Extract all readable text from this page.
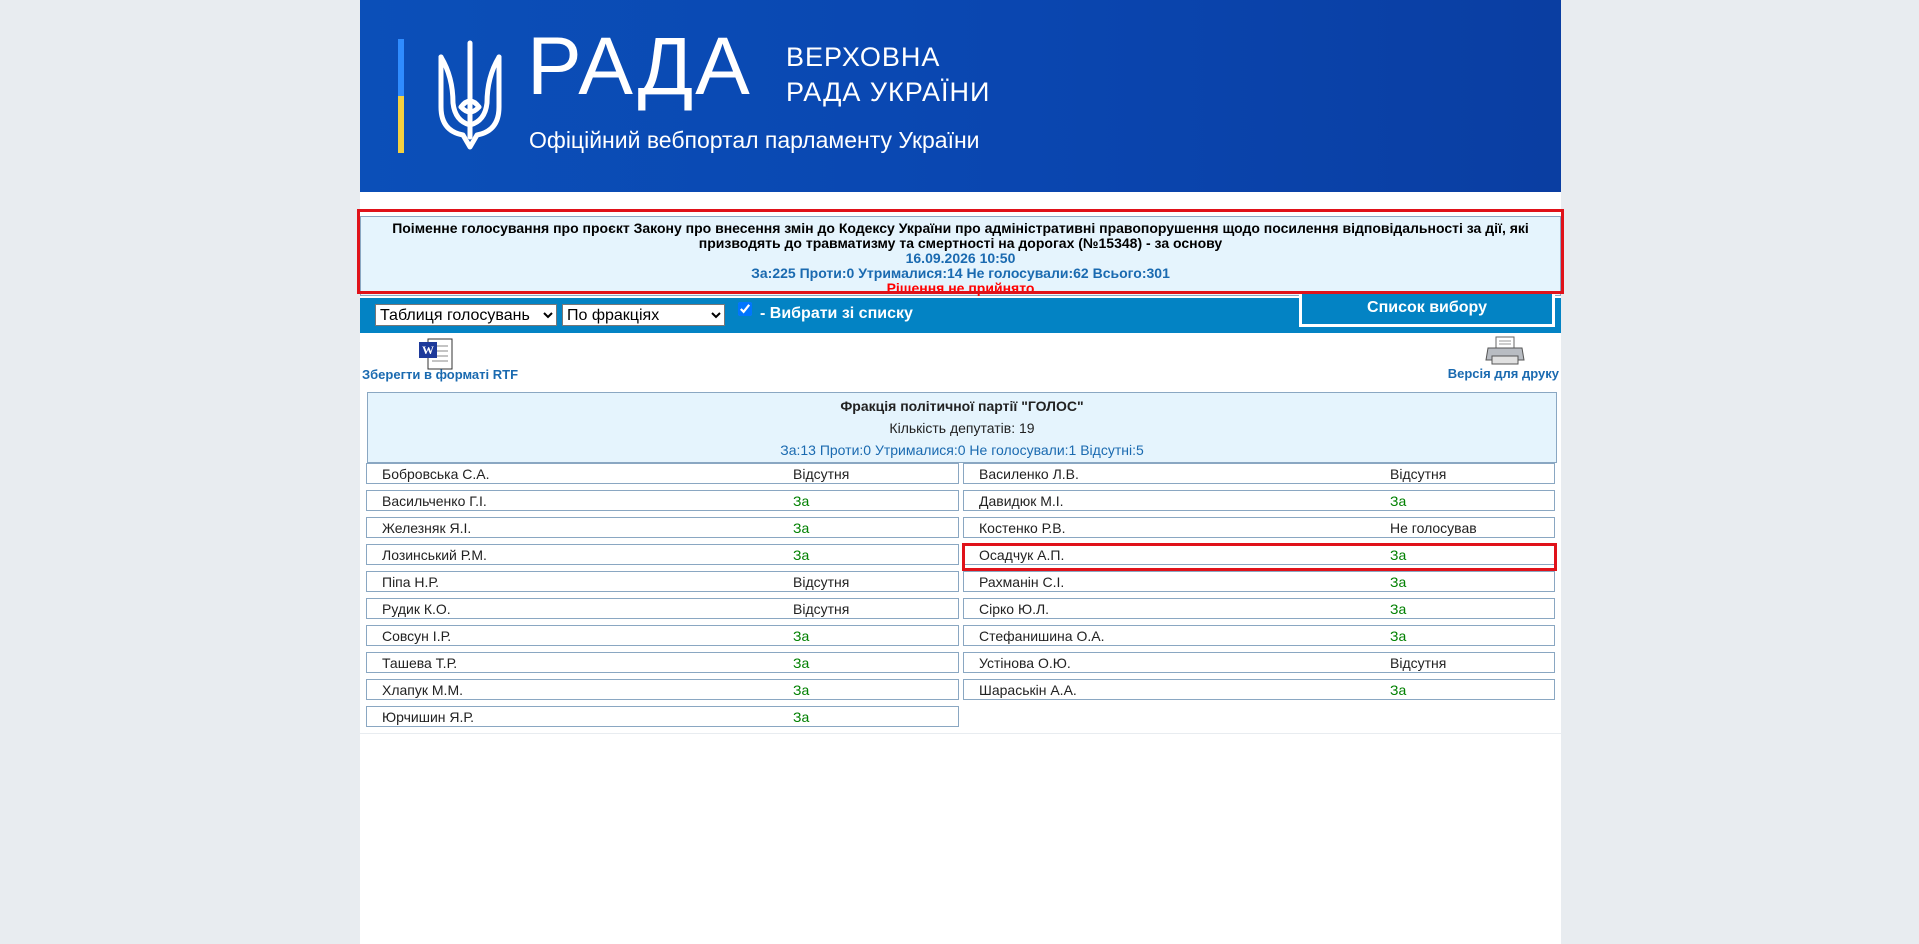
РАДА ВЕРХОВНА
РАДА УКРАЇНИ
Офіційний вебпортал парламенту України
Поіменне голосування про проєкт Закону про внесення змін до Кодексу України про адміністративні правопорушення щодо посилення відповідальності за дії, які призводять до травматизму та смертності на дорогах (№15348) - за основу
16.09.2026 10:50
За:225 Проти:0 Утрималися:14 Не голосували:62 Всього:301
Рішення не прийнято
Таблиця голосувань
По фракціях
- Вибрати зі списку	Список вибору
W
Зберегти в форматі RTF	Версія для друку
Фракція політичної партії "ГОЛОС"
Кількість депутатів: 19
За:13 Проти:0 Утрималися:0 Не голосували:1 Відсутні:5
Бобровська С.А.	Відсутня
Васильченко Г.І.	За
Железняк Я.І.	За
Лозинський Р.М.	За
Піпа Н.Р.	Відсутня
Рудик К.О.	Відсутня
Совсун І.Р.	За
Ташева Т.Р.	За
Хлапук М.М.	За
Юрчишин Я.Р.	За
Василенко Л.В.	Відсутня
Давидюк М.І.	За
Костенко Р.В.	Не голосував
Осадчук А.П.	За
Рахманін С.І.	За
Сірко Ю.Л.	За
Стефанишина О.А.	За
Устінова О.Ю.	Відсутня
Шараськін А.А.	За
